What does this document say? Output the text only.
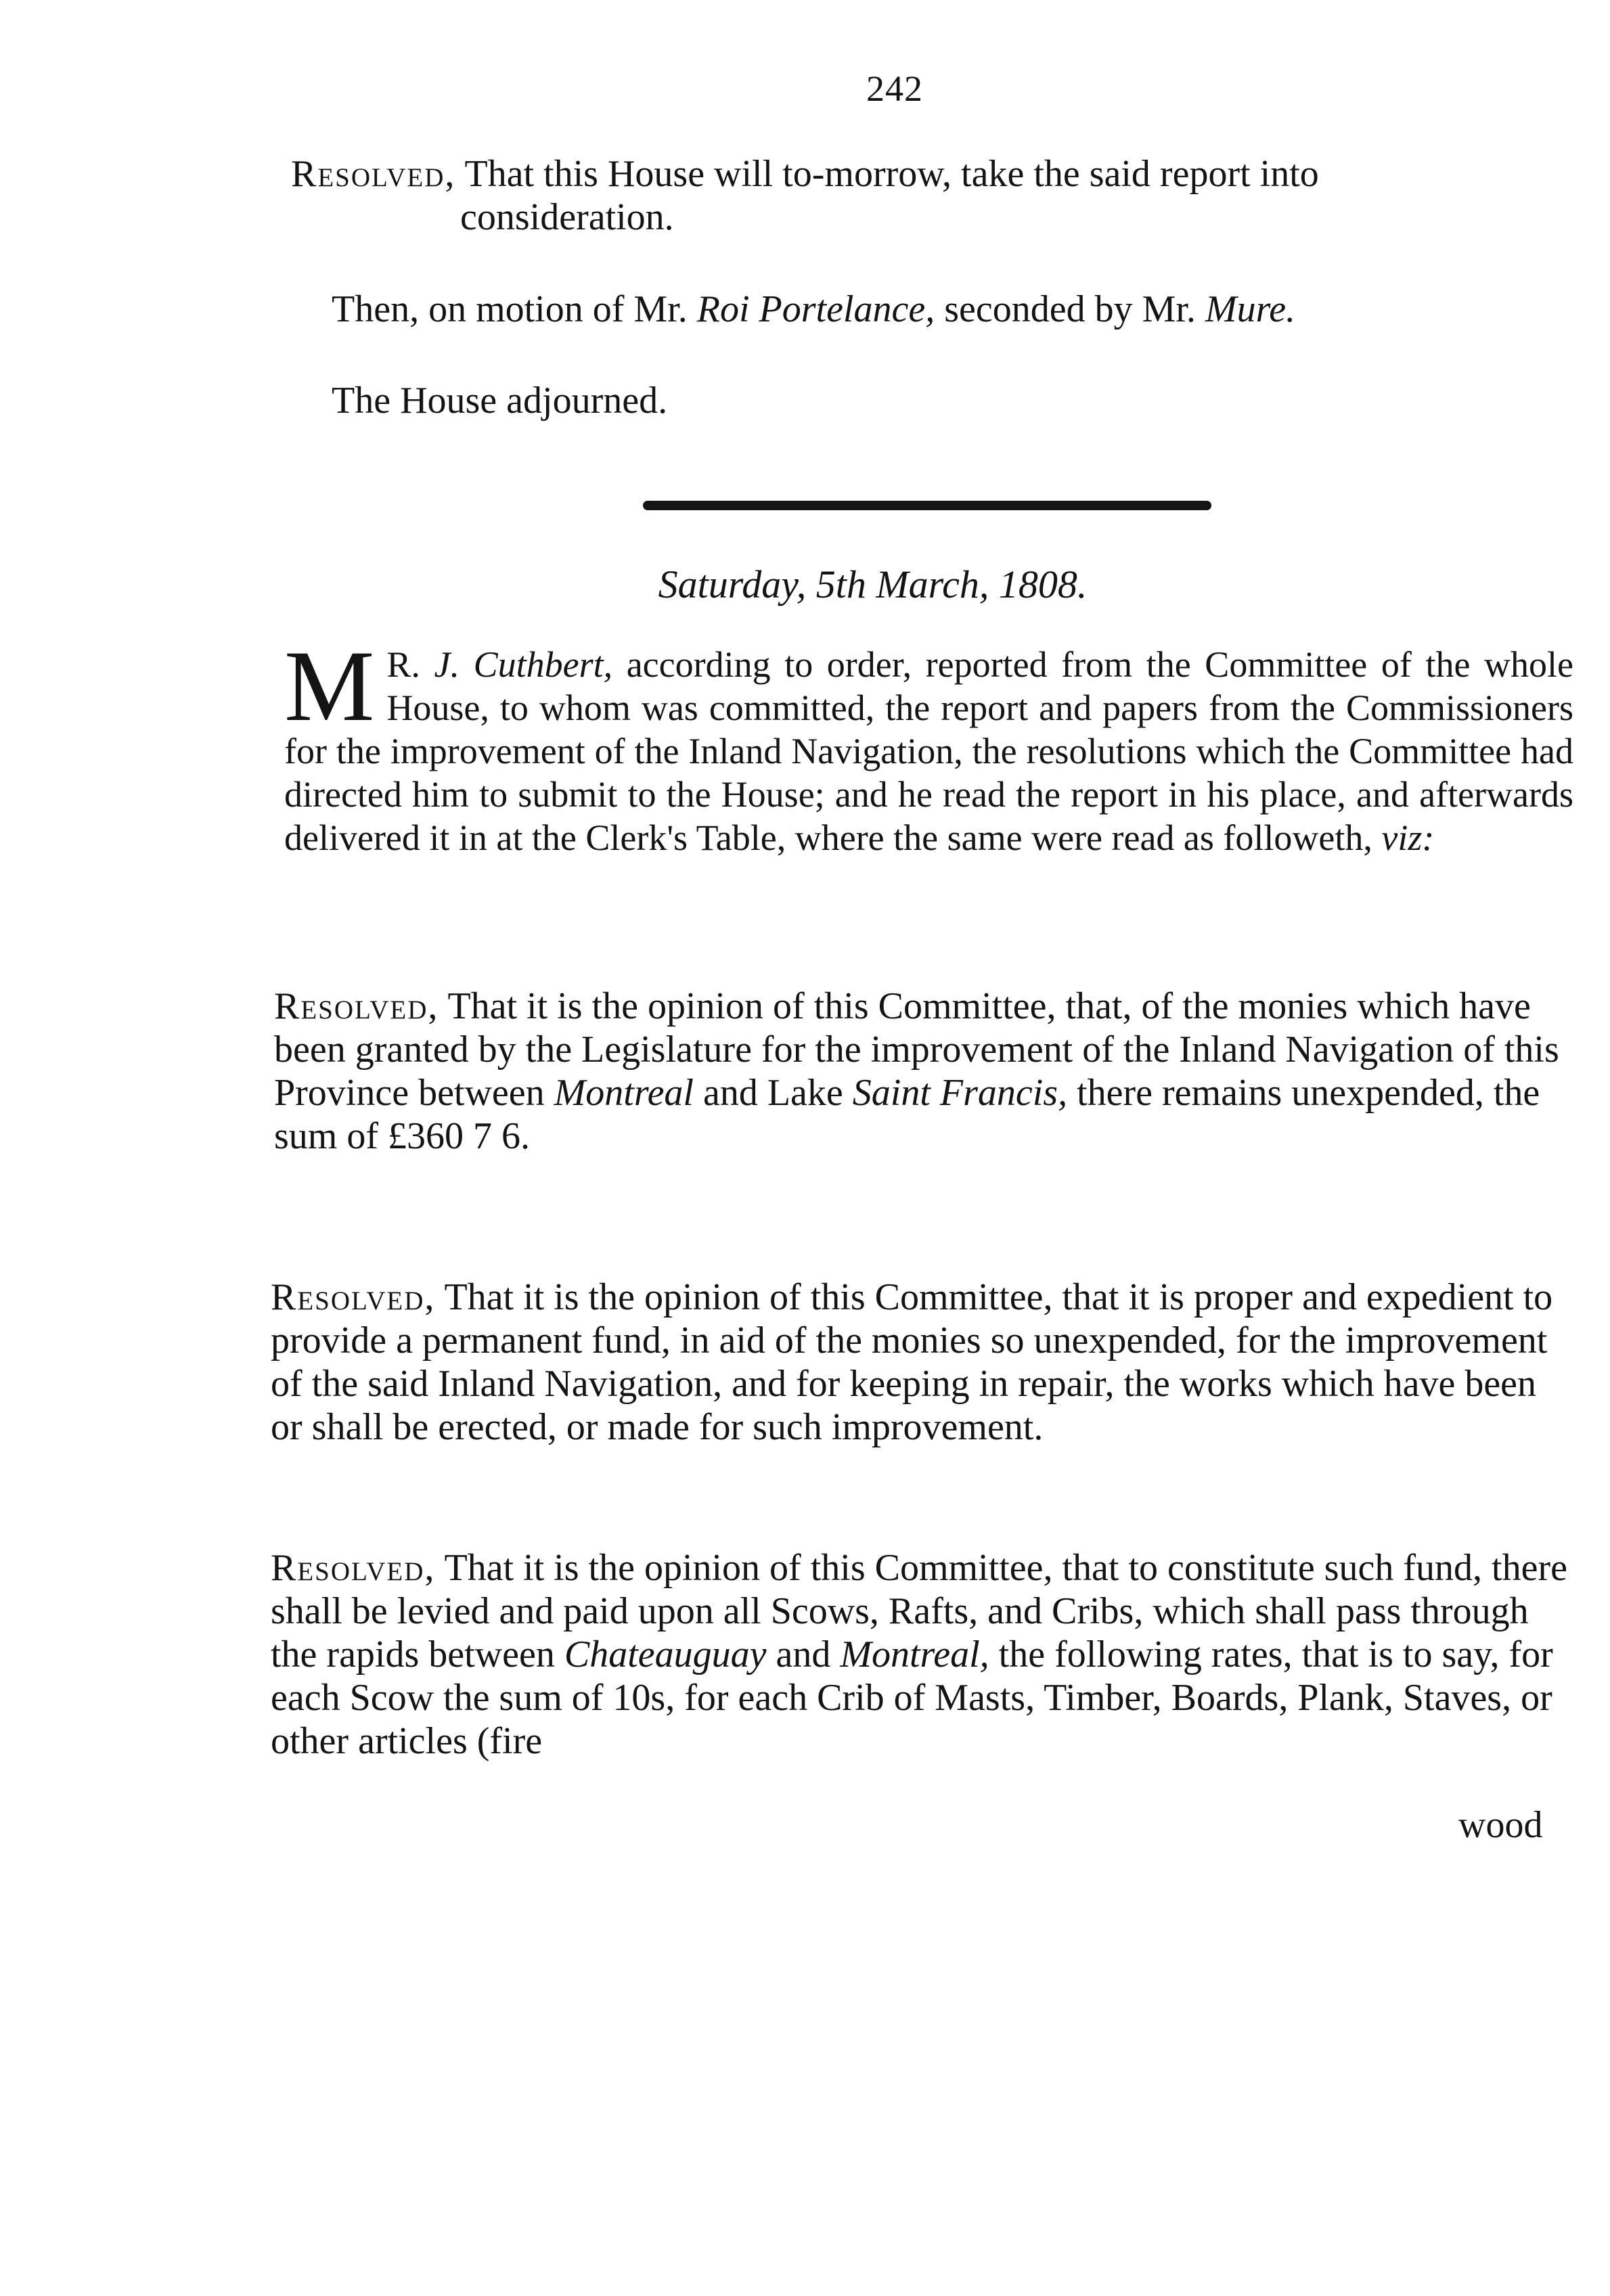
242
Resolved, That this House will to-morrow, take the said report into
consideration.
Then, on motion of Mr. Roi Portelance, seconded by Mr. Mure.
The House adjourned.
Saturday, 5th March, 1808.
M R. J. Cuthbert, according to order, reported from the Committee of the whole House, to whom was committed, the report and papers from the Commissioners for the improvement of the Inland Navigation, the resolutions which the Committee had directed him to submit to the House; and he read the report in his place, and afterwards delivered it in at the Clerk's Table, where the same were read as followeth, viz:
Resolved, That it is the opinion of this Committee, that, of the monies which have been granted by the Legislature for the improvement of the Inland Navigation of this Province between Montreal and Lake Saint Francis, there remains unexpended, the sum of £360 7 6.
Resolved, That it is the opinion of this Committee, that it is proper and expedient to provide a permanent fund, in aid of the monies so unexpended, for the improvement of the said Inland Navigation, and for keeping in repair, the works which have been or shall be erected, or made for such improvement.
Resolved, That it is the opinion of this Committee, that to constitute such fund, there shall be levied and paid upon all Scows, Rafts, and Cribs, which shall pass through the rapids between Chateauguay and Montreal, the following rates, that is to say, for each Scow the sum of 10s, for each Crib of Masts, Timber, Boards, Plank, Staves, or other articles (fire
wood
